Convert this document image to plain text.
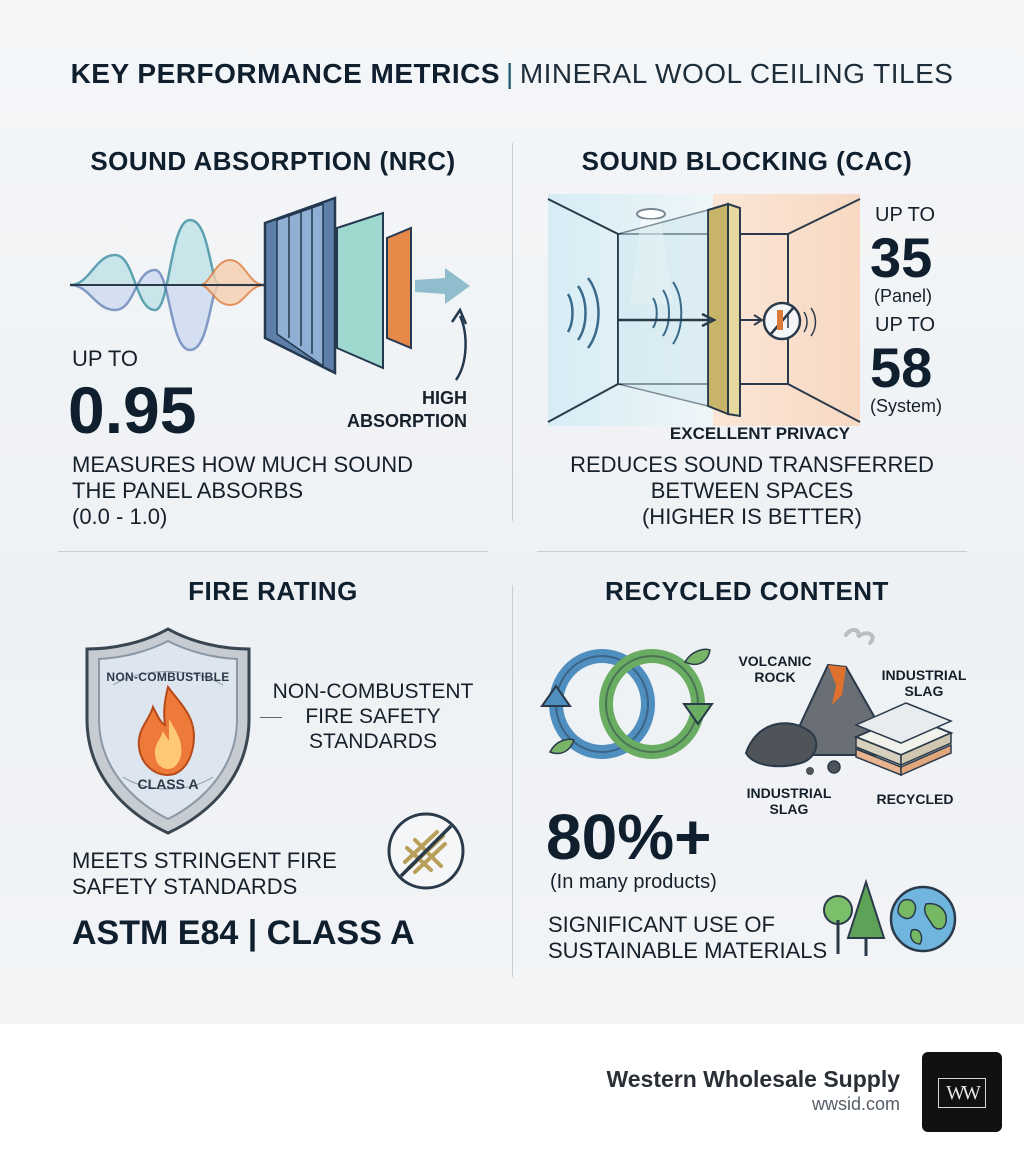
KEY PERFORMANCE METRICS | MINERAL WOOL CEILING TILES
SOUND ABSORPTION (NRC)
UP TO
0.95	HIGH
ABSORPTION
MEASURES HOW MUCH SOUND
THE PANEL ABSORBS
(0.0 - 1.0)
SOUND BLOCKING (CAC)
UP TO
35
(Panel)
UP TO
58
(System)
EXCELLENT PRIVACY
REDUCES SOUND TRANSFERRED
BETWEEN SPACES
(HIGHER IS BETTER)
FIRE RATING
NON-COMBUSTIBLE
CLASS A
NON-COMBUSTENT
FIRE SAFETY
STANDARDS
MEETS STRINGENT FIRE
SAFETY STANDARDS
ASTM E84 | CLASS A
RECYCLED CONTENT
VOLCANIC
ROCK	INDUSTRIAL
SLAG
INDUSTRIAL
SLAG
RECYCLED
80%+
(In many products)
SIGNIFICANT USE OF
SUSTAINABLE MATERIALS
Western Wholesale Supply
wwsid.com	WW
